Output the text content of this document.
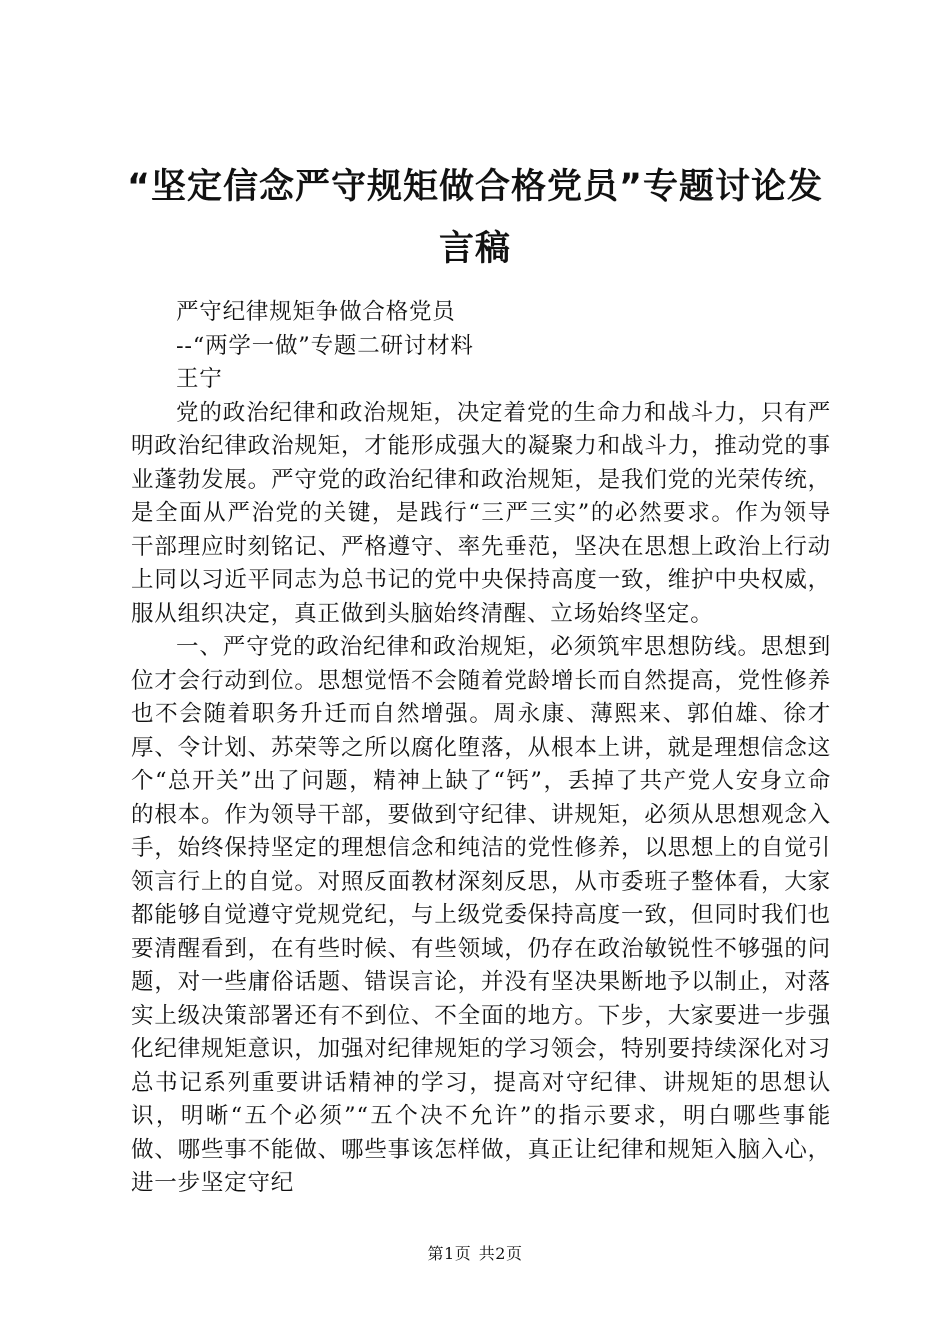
“坚定信念严守规矩做合格党员”专题讨论发言稿

严守纪律规矩争做合格党员

--“两学一做”专题二研讨材料

王宁

党的政治纪律和政治规矩，决定着党的生命力和战斗力，只有严明政治纪律政治规矩，才能形成强大的凝聚力和战斗力，推动党的事业蓬勃发展。严守党的政治纪律和政治规矩，是我们党的光荣传统，是全面从严治党的关键，是践行“三严三实”的必然要求。作为领导干部理应时刻铭记、严格遵守、率先垂范，坚决在思想上政治上行动上同以习近平同志为总书记的党中央保持高度一致，维护中央权威，服从组织决定，真正做到头脑始终清醒、立场始终坚定。

一、严守党的政治纪律和政治规矩，必须筑牢思想防线。思想到位才会行动到位。思想觉悟不会随着党龄增长而自然提高，党性修养也不会随着职务升迁而自然增强。周永康、薄熙来、郭伯雄、徐才厚、令计划、苏荣等之所以腐化堕落，从根本上讲，就是理想信念这个“总开关”出了问题，精神上缺了“钙”，丢掉了共产党人安身立命的根本。作为领导干部，要做到守纪律、讲规矩，必须从思想观念入手，始终保持坚定的理想信念和纯洁的党性修养，以思想上的自觉引领言行上的自觉。对照反面教材深刻反思，从市委班子整体看，大家都能够自觉遵守党规党纪，与上级党委保持高度一致，但同时我们也要清醒看到，在有些时候、有些领域，仍存在政治敏锐性不够强的问题，对一些庸俗话题、错误言论，并没有坚决果断地予以制止，对落实上级决策部署还有不到位、不全面的地方。下步，大家要进一步强化纪律规矩意识，加强对纪律规矩的学习领会，特别要持续深化对习总书记系列重要讲话精神的学习，提高对守纪律、讲规矩的思想认识，明晰“五个必须”“五个决不允许”的指示要求，明白哪些事能做、哪些事不能做、哪些事该怎样做，真正让纪律和规矩入脑入心，进一步坚定守纪

第1页 共2页
